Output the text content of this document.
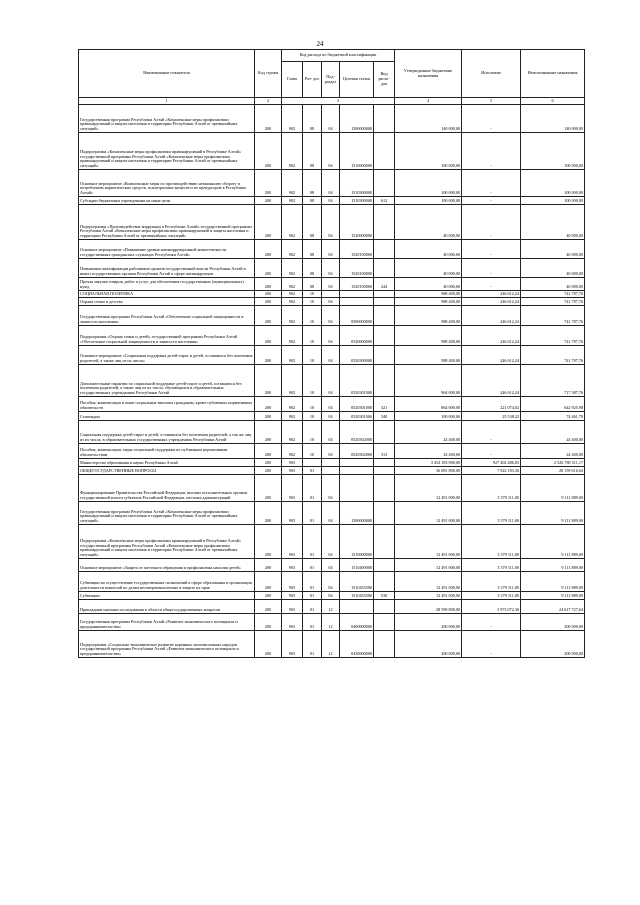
24
Наименование показателя	Код строки	Код расхода по бюджетной классификации					Утвержденные бюджетные назначения	Исполнено	Неисполненные назначения
		Глава	Раз- дел	Под- раздел	Целевая статья	Вид расхо- дов			
1	2	3					4	5	6
Государственная программа Республики Алтай «Комплексные меры профилактики правонарушений и защита населения и территории Республики Алтай от чрезвычайных ситуаций»	200	902	08	04	1500000000		140 000,00	-	140 000,00
Подпрограмма «Комплексные меры профилактики правонарушений в Республике Алтай» государственной программы Республики Алтай «Комплексные меры профилактики правонарушений и защита населения и территории Республики Алтай от чрезвычайных ситуаций»	200	902	08	04	1510000000		100 000,00	-	100 000,00
Основное мероприятие «Комплексные меры по противодействию незаконному обороту и потреблению наркотических средств, психотропных веществ и их прекурсоров в Республике Алтай»	200	902	08	04	1510300000		100 000,00	-	100 000,00
Субсидии бюджетным учреждениям на иные цели	200	902	08	04	1510300000	612	100 000,00	-	100 000,00
Подпрограмма «Противодействие коррупции в Республике Алтай» государственной программы Республики Алтай «Комплексные меры профилактики правонарушений и защита населения и территории Республики Алтай от чрезвычайных ситуаций»	200	902	08	04	1520000000		40 000,00	-	40 000,00
Основное мероприятие «Повышение уровня антикоррупционной компетентности государственных гражданских служащих Республики Алтай»	200	902	08	04	1520100000		40 000,00	-	40 000,00
Повышение квалификации работников органов государственной власти Республики Алтай и иных государственных органов Республики Алтай в сфере антикоррупции	200	902	08	04	1520100000		40 000,00	-	40 000,00
Прочая закупка товаров, работ и услуг для обеспечения государственных (муниципальных) нужд	200	902	08	04	1520100000	244	40 000,00	-	40 000,00
СОЦИАЛЬНАЯ ПОЛИТИКА	200	902	10				988 400,00	246 612,24	741 787,76
Охрана семьи и детства	200	902	10	04			988 400,00	246 612,24	741 787,76
Государственная программа Республики Алтай «Обеспечение социальной защищенности и занятости населения»	200	902	10	04	0500000000		988 400,00	246 612,24	741 787,76
Подпрограмма «Охрана семьи и детей» государственной программы Республики Алтай «Обеспечение социальной защищенности и занятости населения»	200	902	10	04	0520000000		988 400,00	246 612,24	741 787,76
Основное мероприятие «Социальная поддержка детей-сирот и детей, оставшихся без попечения родителей, а также лиц из их числа»	200	902	10	04	0520300000		988 400,00	246 612,24	741 787,76
Дополнительные гарантии по социальной поддержке детей-сирот и детей, оставшихся без попечения родителей, а также лиц из их числа, обучающихся в образовательных государственных учреждениях Республики Алтай	200	902	10	04	0520301000		964 000,00	246 612,24	717 387,76
Пособия, компенсации и иные социальные выплаты гражданам, кроме публичных нормативных обязательств	200	902	10	04	0520301000	321	864 000,00	221 074,02	642 925,98
Стипендии	200	902	10	04	0520301000	340	100 000,00	25 538,22	74 461,78
Социальная поддержка детей-сирот и детей, оставшихся без попечения родителей, а так же лиц из их числа, в образовательных государственных учреждениях Республики Алтай	200	902	10	04	0520302000		24 400,00	-	24 400,00
Пособия, компенсации, меры социальной поддержки по публичным нормативным обязательствам	200	902	10	04	0520302000	313	24 400,00	-	24 400,00
Министерство образования и науки Республики Алтай	200	903					3 454 183 900,00	927 402 486,83	2 526 780 511,17
ОБЩЕГОСУДАРСТВЕННЫЕ ВОПРОСЫ	200	903	01				36 081 800,00	7 922 183,36	28 159 616,64
Функционирование Правительства Российской Федерации, высших исполнительных органов государственной власти субъектов Российской Федерации, местных администраций	200	903	01	04			12 491 000,00	3 379 111,00	9 111 889,00
Государственная программа Республики Алтай «Комплексные меры профилактики правонарушений и защита населения и территории Республики Алтай от чрезвычайных ситуаций»	200	903	01	04	1500000000		12 491 000,00	3 379 111,00	9 111 889,00
Подпрограмма «Комплексные меры профилактики правонарушений в Республике Алтай» государственной программы Республики Алтай «Комплексные меры профилактики правонарушений и защита населения и территории Республики Алтай от чрезвычайных ситуаций»	200	903	01	04	1510000000		12 491 000,00	3 379 111,00	9 111 889,00
Основное мероприятие «Защита от жестокого обращения и профилактика насилия детей»	200	903	01	04	1510400000		12 491 000,00	3 379 111,00	9 111 889,00
Субвенции на осуществление государственных полномочий в сфере образования и организации деятельности комиссий по делам несовершеннолетних и защите их прав	200	903	01	04	1510455500		12 491 000,00	3 379 111,00	9 111 889,00
Субвенции	200	903	01	04	1510455500	530	12 491 000,00	3 379 111,00	9 111 889,00
Прикладные научные исследования в области общегосударственных вопросов	200	903	01	12			28 590 800,00	3 973 072,36	24 617 727,64
Государственная программа Республики Алтай «Развитие экономического потенциала и предпринимательства»	200	903	01	12	0400000000		200 000,00	-	200 000,00
Подпрограмма «Социально-экономическое развитие коренных малочисленных народов государственной программы Республики Алтай «Развитие экономического потенциала и предпринимательства»	200	903	01	12	0430000000		200 000,00	-	200 000,00
